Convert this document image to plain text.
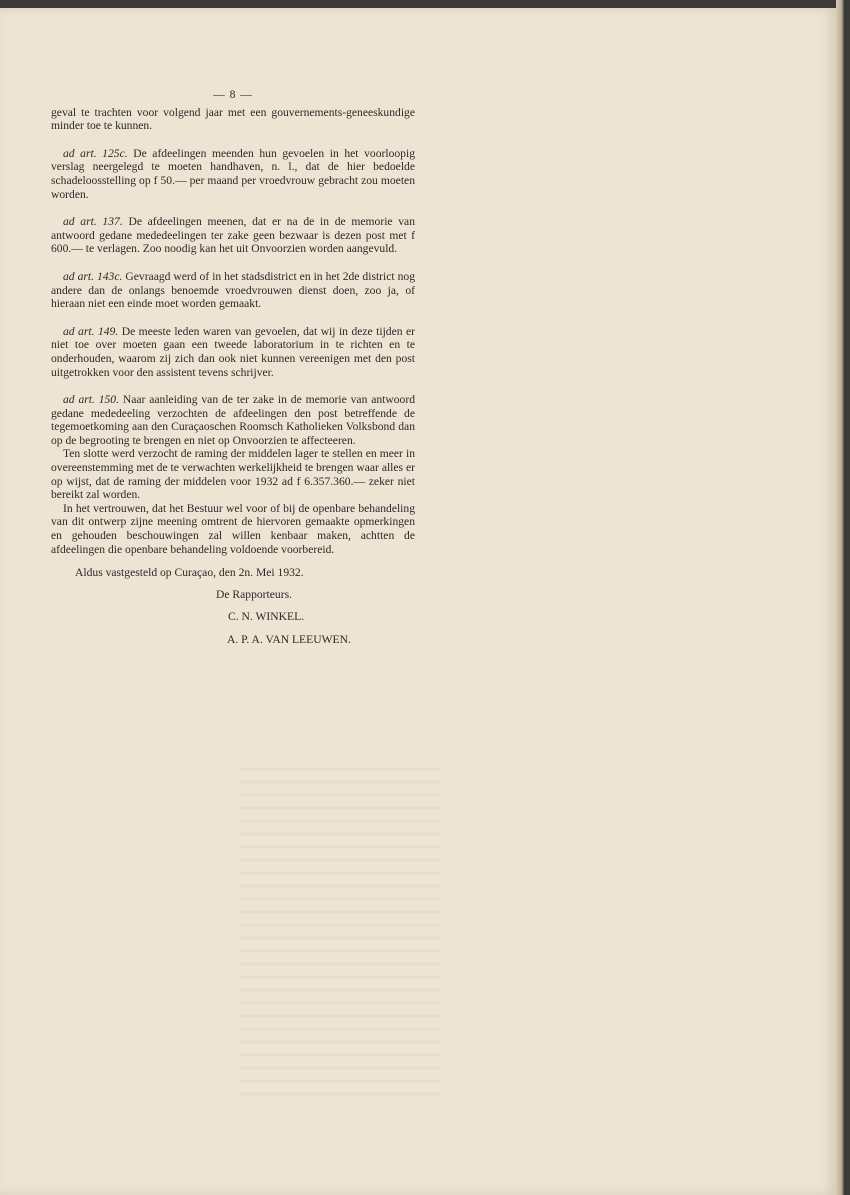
— 8 —

geval te trachten voor volgend jaar met een gouvernements-geneeskundige minder toe te kunnen.

ad art. 125c. De afdeelingen meenden hun gevoelen in het voorloopig verslag neergelegd te moeten handhaven, n. l., dat de hier bedoelde schadeloosstelling op f 50.— per maand per vroedvrouw gebracht zou moeten worden.

ad art. 137. De afdeelingen meenen, dat er na de in de memorie van antwoord gedane mededeelingen ter zake geen bezwaar is dezen post met f 600.— te verlagen. Zoo noodig kan het uit Onvoorzien worden aangevuld.

ad art. 143c. Gevraagd werd of in het stadsdistrict en in het 2de district nog andere dan de onlangs benoemde vroedvrouwen dienst doen, zoo ja, of hieraan niet een einde moet worden gemaakt.

ad art. 149. De meeste leden waren van gevoelen, dat wij in deze tijden er niet toe over moeten gaan een tweede laboratorium in te richten en te onderhouden, waarom zij zich dan ook niet kunnen vereenigen met den post uitgetrokken voor den assistent tevens schrijver.

ad art. 150. Naar aanleiding van de ter zake in de memorie van antwoord gedane mededeeling verzochten de afdeelingen den post betreffende de tegemoetkoming aan den Curaçaoschen Roomsch Katholieken Volksbond dan op de begrooting te brengen en niet op Onvoorzien te affecteeren.

Ten slotte werd verzocht de raming der middelen lager te stellen en meer in overeenstemming met de te verwachten werkelijkheid te brengen waar alles er op wijst, dat de raming der middelen voor 1932 ad f 6.357.360.— zeker niet bereikt zal worden.

In het vertrouwen, dat het Bestuur wel voor of bij de openbare behandeling van dit ontwerp zijne meening omtrent de hiervoren gemaakte opmerkingen en gehouden beschouwingen zal willen kenbaar maken, achtten de afdeelingen die openbare behandeling voldoende voorbereid.

Aldus vastgesteld op Curaçao, den 2n. Mei 1932.
De Rapporteurs.
C. N. WINKEL.
A. P. A. VAN LEEUWEN.
